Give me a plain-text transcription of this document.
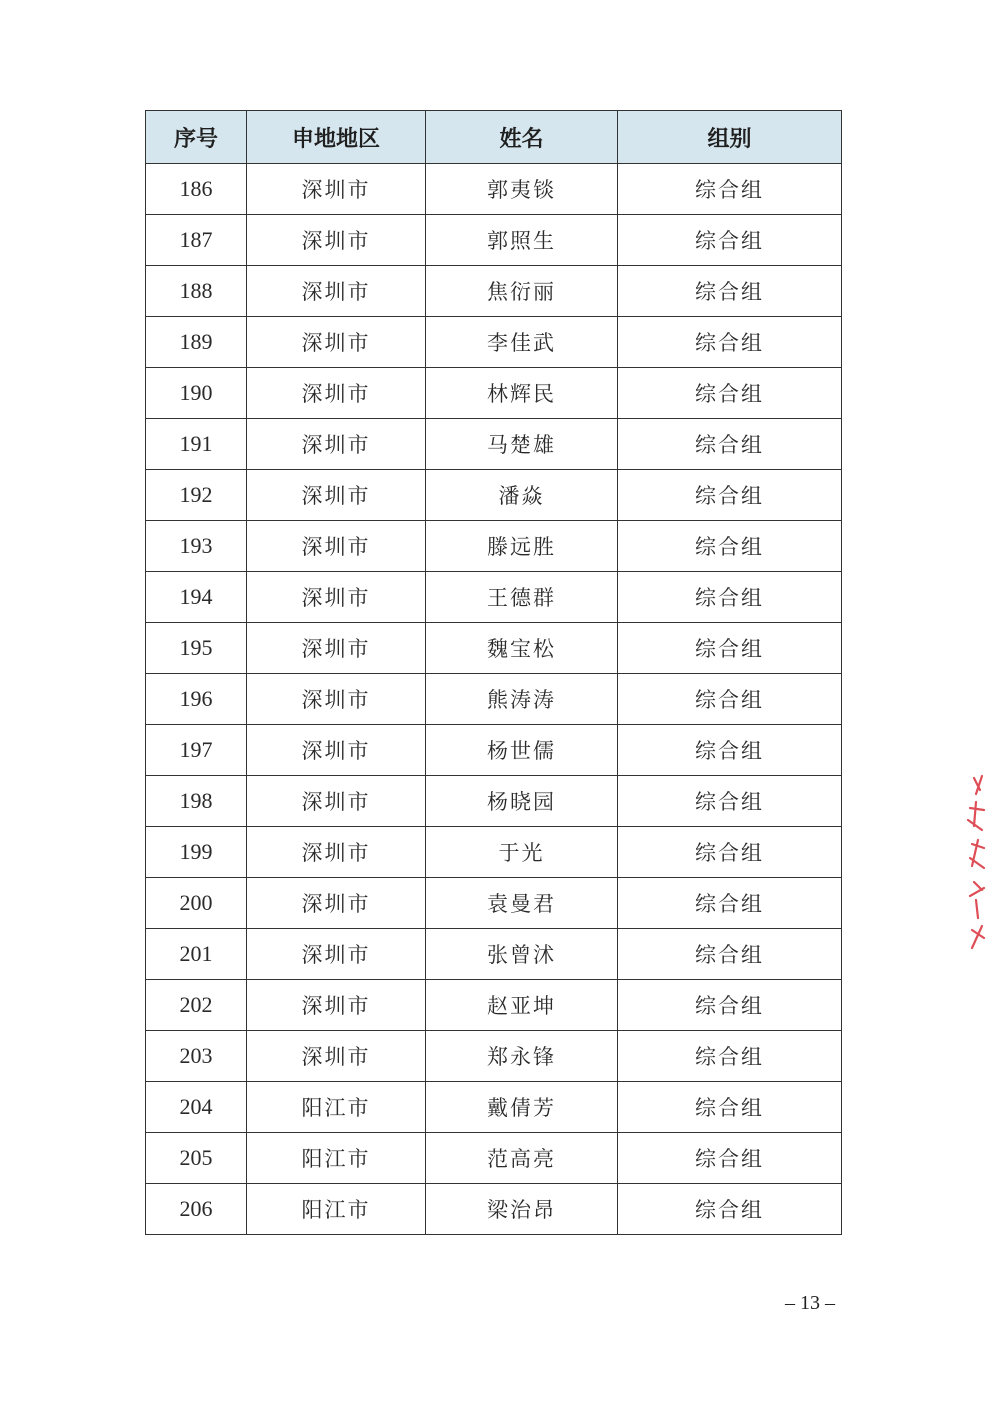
序号	申地地区	姓名	组别
186	深圳市	郭夷锬	综合组
187	深圳市	郭照生	综合组
188	深圳市	焦衍丽	综合组
189	深圳市	李佳武	综合组
190	深圳市	林辉民	综合组
191	深圳市	马楚雄	综合组
192	深圳市	潘焱	综合组
193	深圳市	滕远胜	综合组
194	深圳市	王德群	综合组
195	深圳市	魏宝松	综合组
196	深圳市	熊涛涛	综合组
197	深圳市	杨世儒	综合组
198	深圳市	杨晓园	综合组
199	深圳市	于光	综合组
200	深圳市	袁曼君	综合组
201	深圳市	张曾沭	综合组
202	深圳市	赵亚坤	综合组
203	深圳市	郑永锋	综合组
204	阳江市	戴倩芳	综合组
205	阳江市	范高亮	综合组
206	阳江市	梁治昂	综合组
– 13 –
